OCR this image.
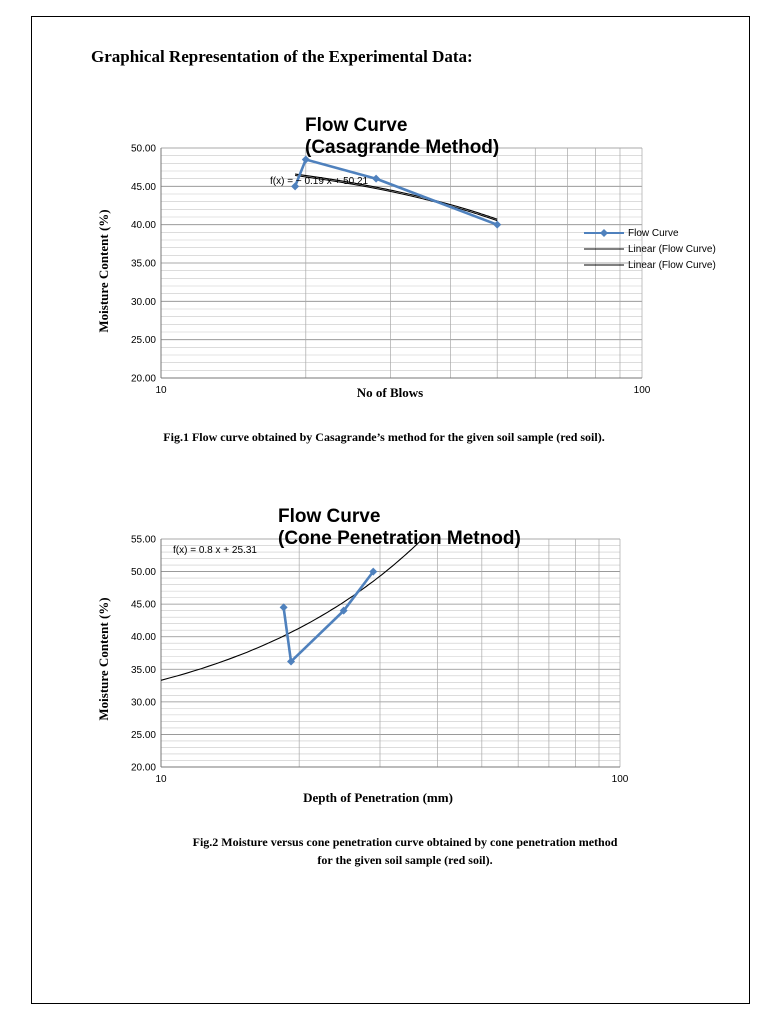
Graphical Representation of the Experimental Data:
20.00
25.00
30.00
35.00
40.00
45.00
50.00
10	100
Flow Curve
(Casagrande Method)
No of Blows
Moisture Content (%)
f(x) = − 0.19 x + 50.21
Flow Curve
Linear (Flow Curve)
Linear (Flow Curve)
Fig.1 Flow curve obtained by Casagrande’s method for the given soil sample (red soil).
20.00
25.00
30.00
35.00
40.00
45.00
50.00
55.00
10	100
Flow Curve
(Cone Penetration Metnod)
Depth of Penetration (mm)
Moisture Content (%)
f(x) = 0.8 x + 25.31
Fig.2 Moisture versus cone penetration curve obtained by cone penetration method
for the given soil sample (red soil).
